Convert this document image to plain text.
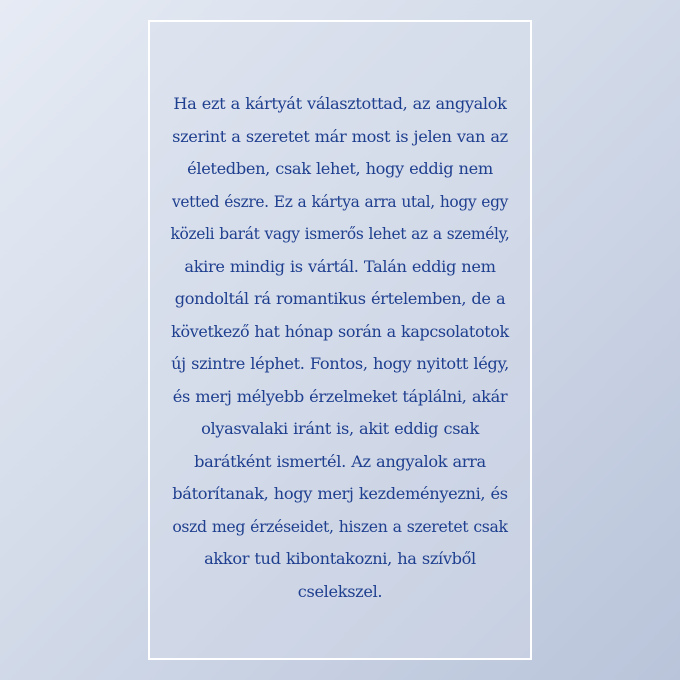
Ha ezt a kártyát választottad, az angyalok
szerint a szeretet már most is jelen van az
életedben, csak lehet, hogy eddig nem
vetted észre. Ez a kártya arra utal, hogy egy
közeli barát vagy ismerős lehet az a személy,
akire mindig is vártál. Talán eddig nem
gondoltál rá romantikus értelemben, de a
következő hat hónap során a kapcsolatotok
új szintre léphet. Fontos, hogy nyitott légy,
és merj mélyebb érzelmeket táplálni, akár
olyasvalaki iránt is, akit eddig csak
barátként ismertél. Az angyalok arra
bátorítanak, hogy merj kezdeményezni, és
oszd meg érzéseidet, hiszen a szeretet csak
akkor tud kibontakozni, ha szívből
cselekszel.
